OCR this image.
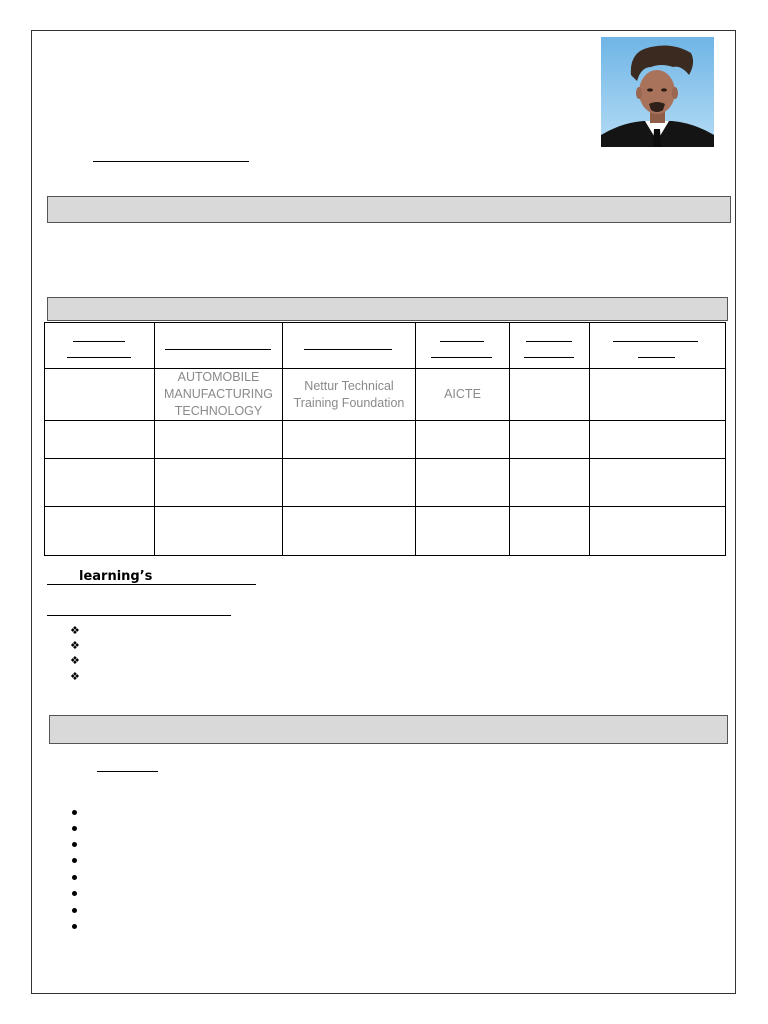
	AUTOMOBILE MANUFACTURING TECHNOLOGY	Nettur Technical Training Foundation	AICTE		

learning’s
❖
❖
❖
❖
